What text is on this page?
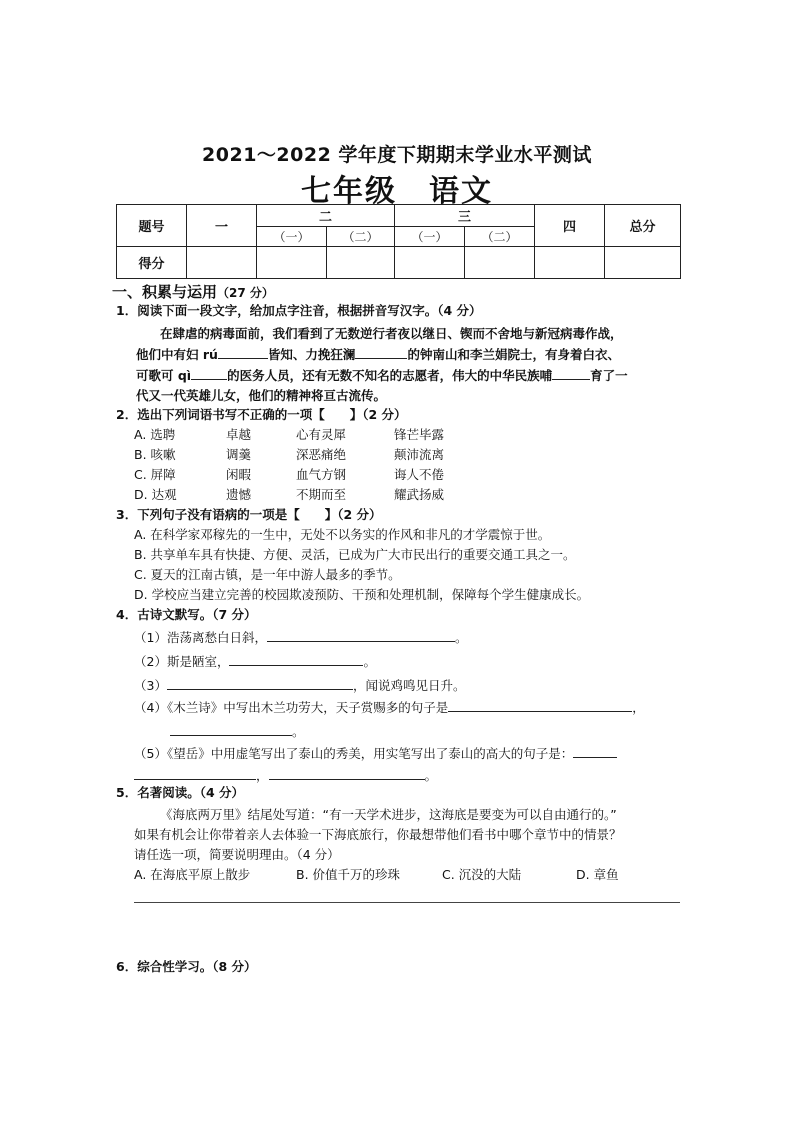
2021～2022 学年度下期期末学业水平测试
七年级　语文
题号	一	二		三		四	总分
		（一）	（二）	（一）	（二）		
得分							
一、积累与运用（27 分）
1．阅读下面一段文字，给加点字注音，根据拼音写汉字。（4 分）
在肆虐的病毒面前，我们看到了无数逆行者夜以继日、锲而不舍地与新冠病毒作战，
他们中有妇 rú	皆知、力挽狂澜	的钟南山和李兰娟院士，有身着白衣、
可歌可 qì	的医务人员，还有无数不知名的志愿者，伟大的中华民族哺	育了一
代又一代英雄儿女，他们的精神将亘古流传。
2．选出下列词语书写不正确的一项【　　】（2 分）
A. 选聘	卓越	心有灵犀	锋芒毕露
B. 咳嗽	调羹	深恶痛绝	颠沛流离
C. 屏障	闲暇	血气方钢	诲人不倦
D. 达观	遗憾	不期而至	耀武扬威
3．下列句子没有语病的一项是【　　】（2 分）
A. 在科学家邓稼先的一生中，无处不以务实的作风和非凡的才学震惊于世。
B. 共享单车具有快捷、方便、灵活，已成为广大市民出行的重要交通工具之一。
C. 夏天的江南古镇，是一年中游人最多的季节。
D. 学校应当建立完善的校园欺凌预防、干预和处理机制，保障每个学生健康成长。
4．古诗文默写。（7 分）
（1）浩荡离愁白日斜，	。
（2）斯是陋室，	。
（3）	，闻说鸡鸣见日升。
（4）《木兰诗》中写出木兰功劳大，天子赏赐多的句子是	，
。
（5）《望岳》中用虚笔写出了泰山的秀美，用实笔写出了泰山的高大的句子是：
，	。
5．名著阅读。（4 分）
《海底两万里》结尾处写道：“有一天学术进步，这海底是要变为可以自由通行的。”
如果有机会让你带着亲人去体验一下海底旅行，你最想带他们看书中哪个章节中的情景？
请任选一项，简要说明理由。（4 分）
A. 在海底平原上散步	B. 价值千万的珍珠	C. 沉没的大陆	D. 章鱼
6．综合性学习。（8 分）
